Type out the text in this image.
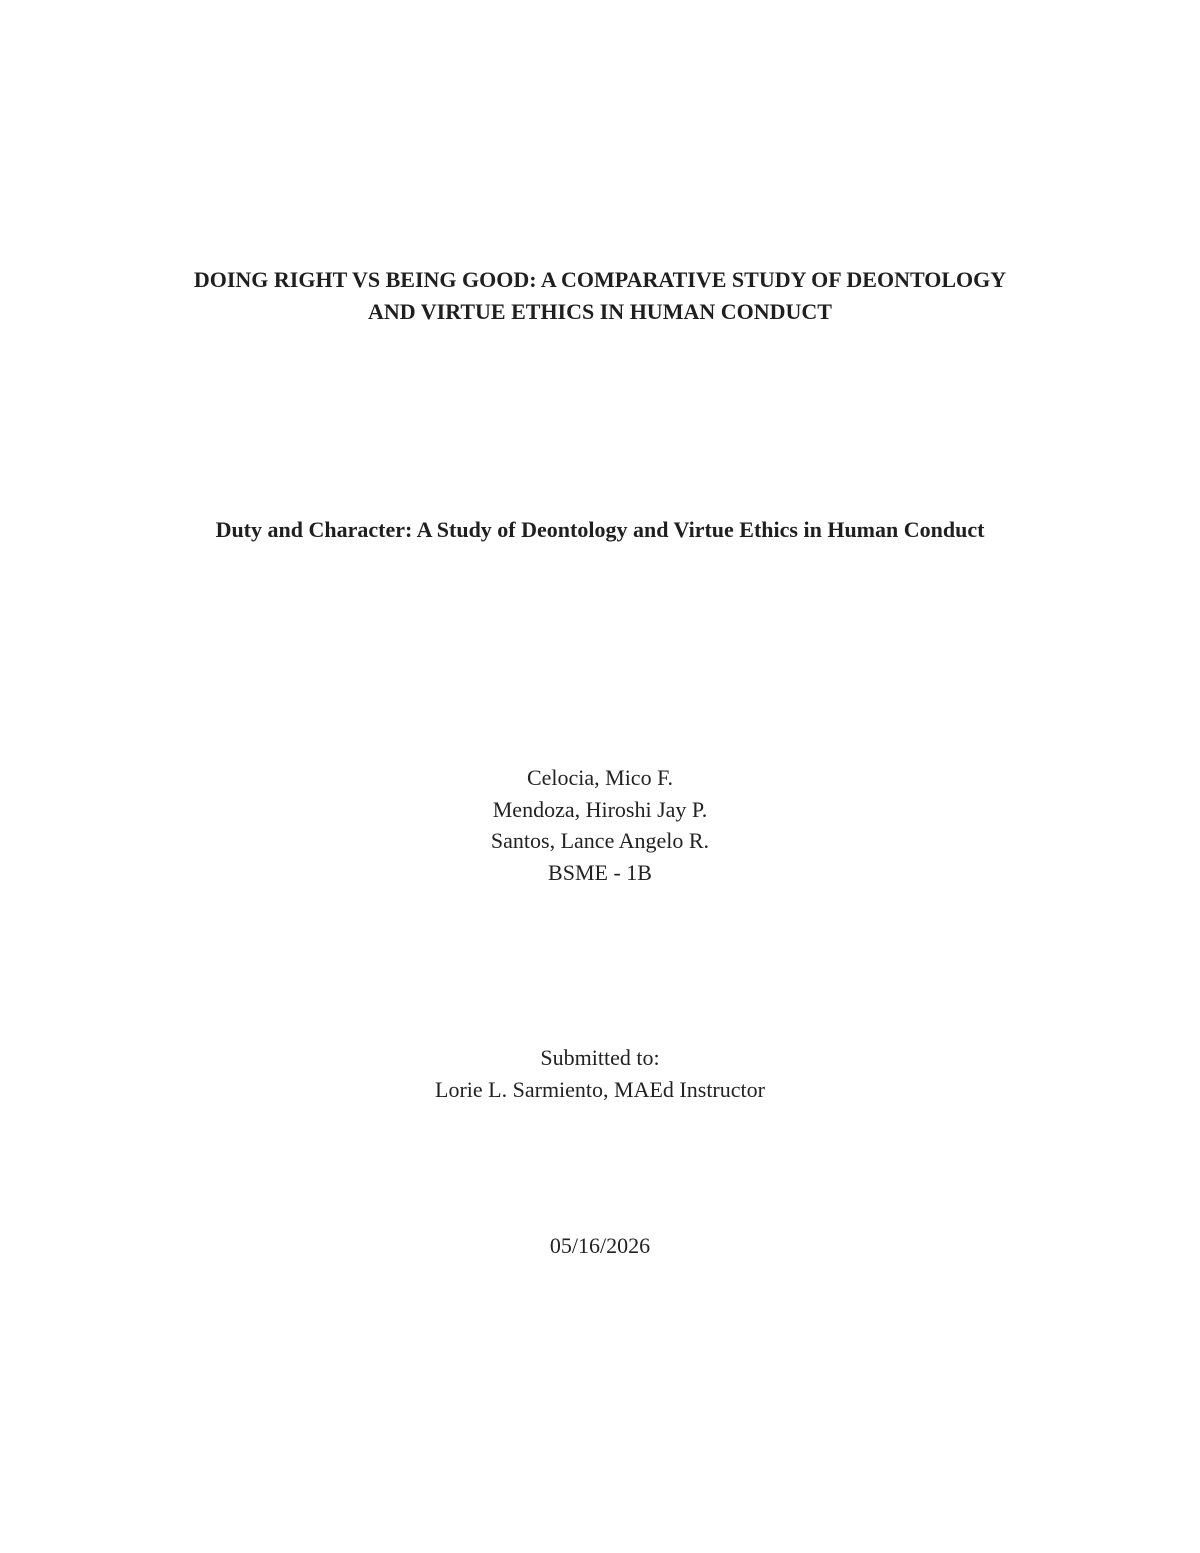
DOING RIGHT VS BEING GOOD: A COMPARATIVE STUDY OF DEONTOLOGY
AND VIRTUE ETHICS IN HUMAN CONDUCT
Duty and Character: A Study of Deontology and Virtue Ethics in Human Conduct
Celocia, Mico F.
Mendoza, Hiroshi Jay P.
Santos, Lance Angelo R.
BSME - 1B
Submitted to:
Lorie L. Sarmiento, MAEd Instructor
05/16/2026
